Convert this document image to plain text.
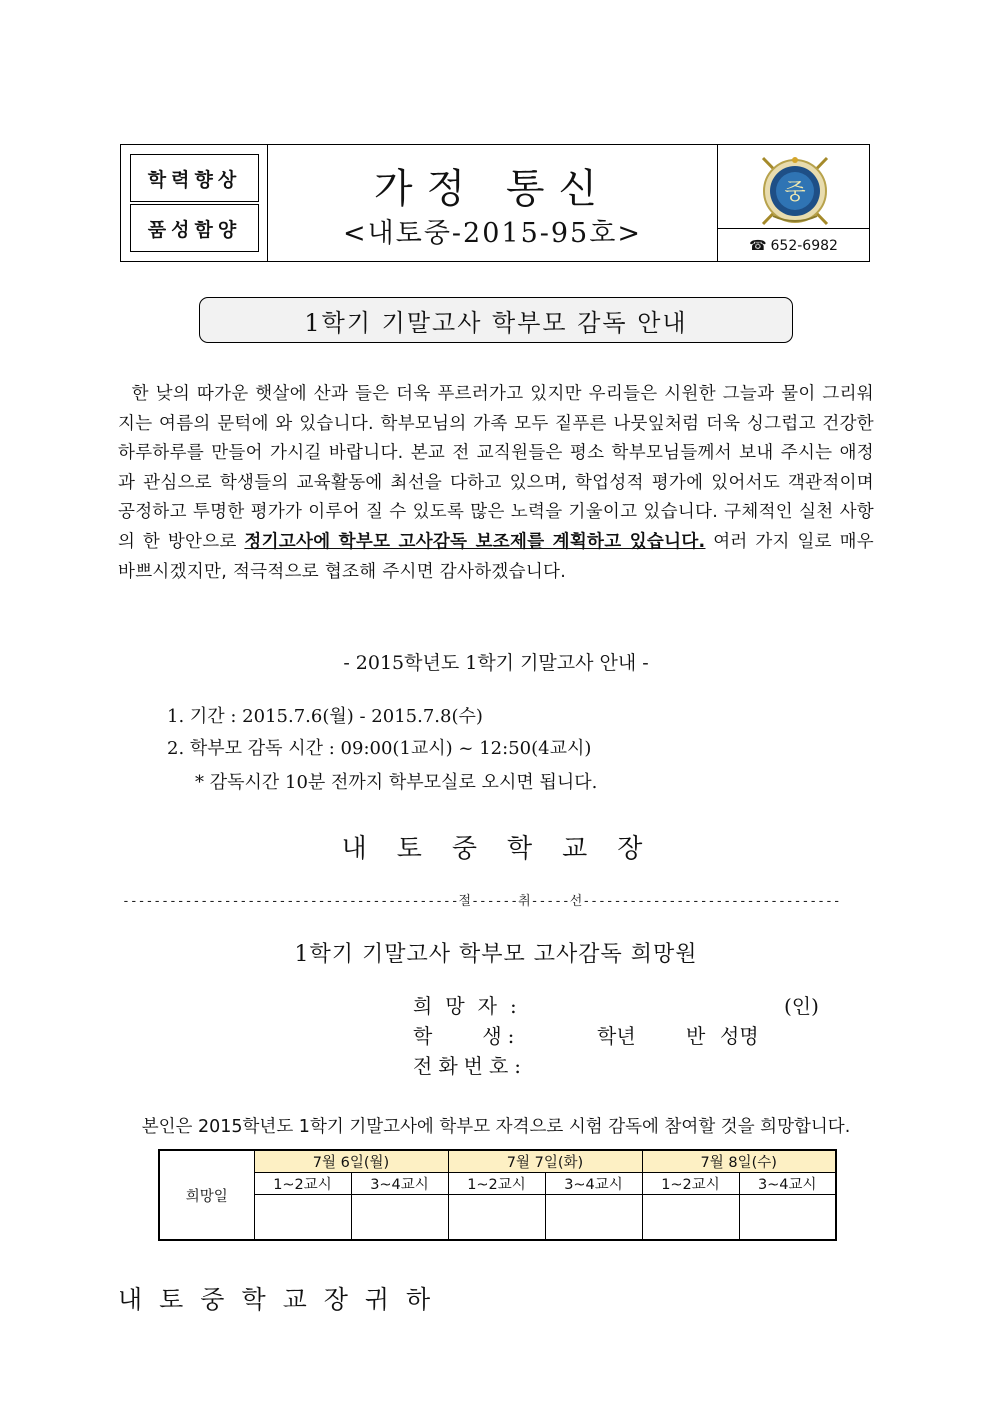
학력향상
품성함양
가정 통신
<내토중-2015-95호>
중
☎ 652-6982
1학기 기말고사 학부모 감독 안내
한 낮의 따가운 햇살에 산과 들은 더욱 푸르러가고 있지만 우리들은 시원한 그늘과 물이 그리워지는 여름의 문턱에 와 있습니다. 학부모님의 가족 모두 짙푸른 나뭇잎처럼 더욱 싱그럽고 건강한 하루하루를 만들어 가시길 바랍니다. 본교 전 교직원들은 평소 학부모님들께서 보내 주시는 애정과 관심으로 학생들의 교육활동에 최선을 다하고 있으며, 학업성적 평가에 있어서도 객관적이며 공정하고 투명한 평가가 이루어 질 수 있도록 많은 노력을 기울이고 있습니다. 구체적인 실천 사항의 한 방안으로 정기고사에 학부모 고사감독 보조제를 계획하고 있습니다. 여러 가지 일로 매우 바쁘시겠지만, 적극적으로 협조해 주시면 감사하겠습니다.
- 2015학년도 1학기 기말고사 안내 -
1. 기간 : 2015.7.6(월) - 2015.7.8(수)
2. 학부모 감독 시간 : 09:00(1교시) ~ 12:50(4교시)
* 감독시간 10분 전까지 학부모실로 오시면 됩니다.
내토중학교장
-------------------------------------------절------취-----선---------------------------------
1학기 기말고사 학부모 고사감독 희망원
희망자:	(인)
학	생:	학년	반 성명
전화번호:
본인은 2015학년도 1학기 기말고사에 학부모 자격으로 시험 감독에 참여할 것을 희망합니다.
희망일	7월 6일(월)		7월 7일(화)		7월 8일(수)	
	1~2교시	3~4교시	1~2교시	3~4교시	1~2교시	3~4교시

내토중학교장귀하
